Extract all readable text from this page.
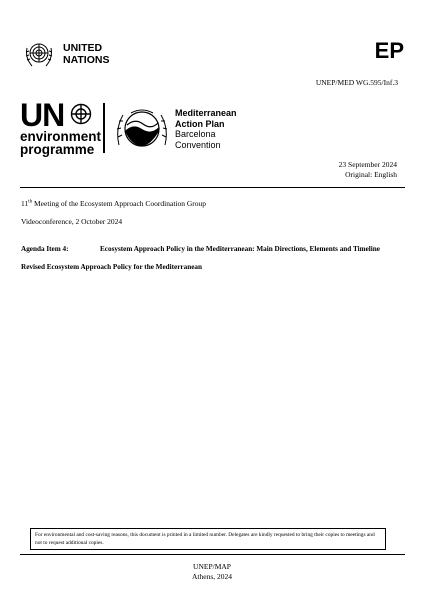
UNITED
NATIONS	EP
UNEP/MED WG.595/Inf.3
UN
environment
programme
Mediterranean
Action Plan
Barcelona
Convention
23 September 2024
Original: English
11th Meeting of the Ecosystem Approach Coordination Group
Videoconference, 2 October 2024
Agenda Item 4:	Ecosystem Approach Policy in the Mediterranean: Main Directions, Elements and Timeline
Revised Ecosystem Approach Policy for the Mediterranean
For environmental and cost-saving reasons, this document is printed in a limited number. Delegates are kindly requested to bring their copies to meetings and not to request additional copies.
UNEP/MAP
Athens, 2024
